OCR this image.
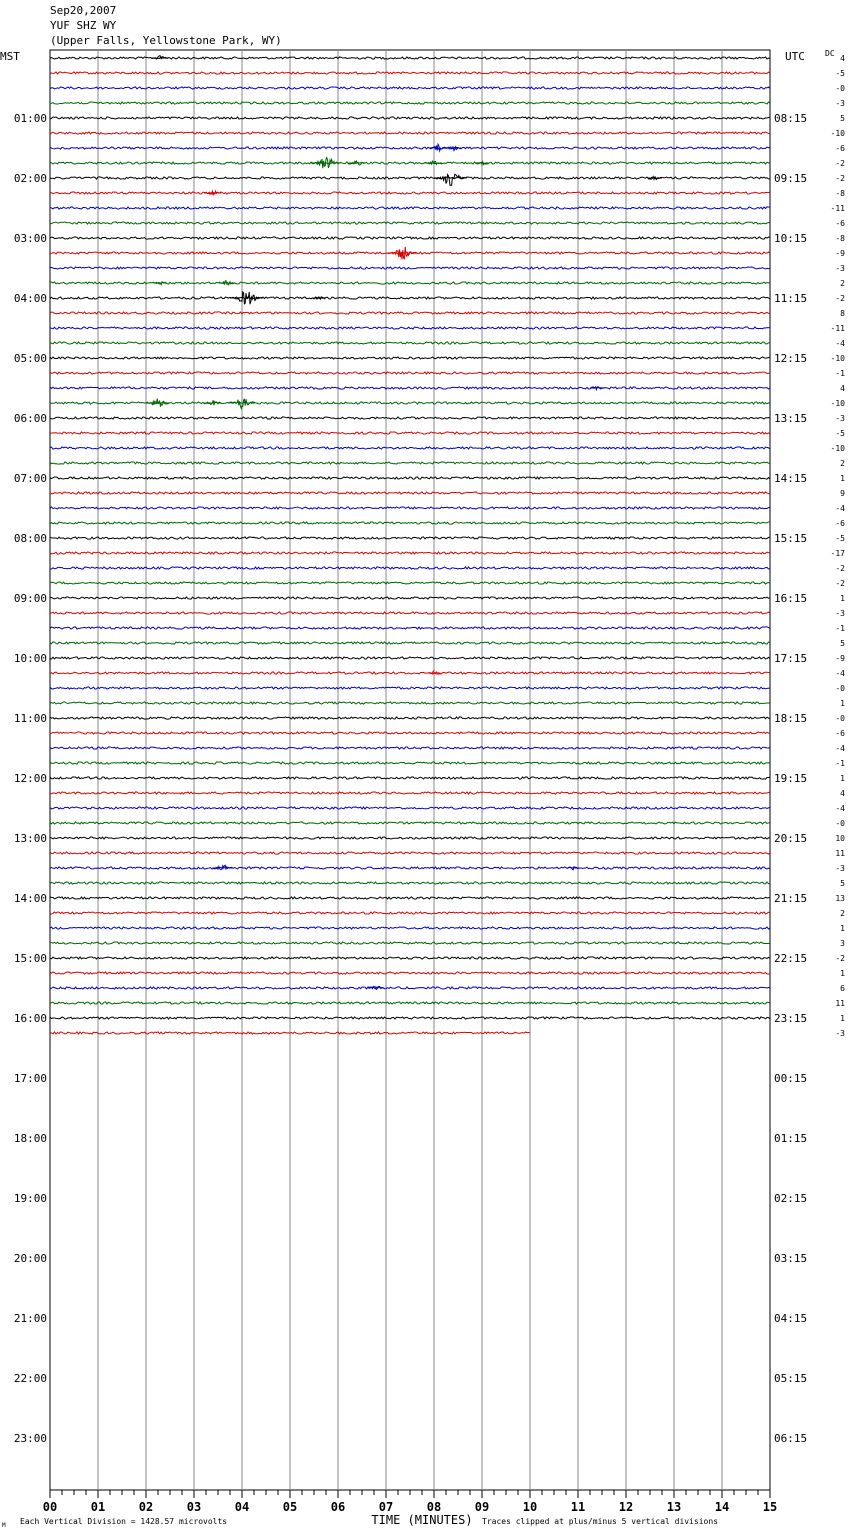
00	01	02	03	04	05	06	07	08	09	10	11	12	13	14	15
MST	UTC	DC
01:00
02:00
03:00
04:00
05:00
06:00
07:00
08:00
09:00
10:00
11:00
12:00
13:00
14:00
15:00
16:00
17:00
18:00
19:00
20:00
21:00
22:00
23:00
08:15
09:15
10:15
11:15
12:15
13:15
14:15
15:15
16:15
17:15
18:15
19:15
20:15
21:15
22:15
23:15
00:15
01:15
02:15
03:15
04:15
05:15
06:15
4
-5
-0
-3
5
-10
-6
-2
-2
-8
-11
-6
-8
-9
-3
2
-2
8
-11
-4
-10
-1
4
-10
-3
-5
-10
2
1
9
-4
-6
-5
-17
-2
-2
1
-3
-1
5
-9
-4
-0
1
-0
-6
-4
-1
1
4
-4
-0
10
11
-3
5
13
2
1
3
-2
1
6
11
1
-3
TIME (MINUTES)
Each Vertical Division = 1428.57 microvolts	Traces clipped at plus/minus 5 vertical divisions
M
Sep20,2007
YUF SHZ WY
(Upper Falls, Yellowstone Park, WY)
